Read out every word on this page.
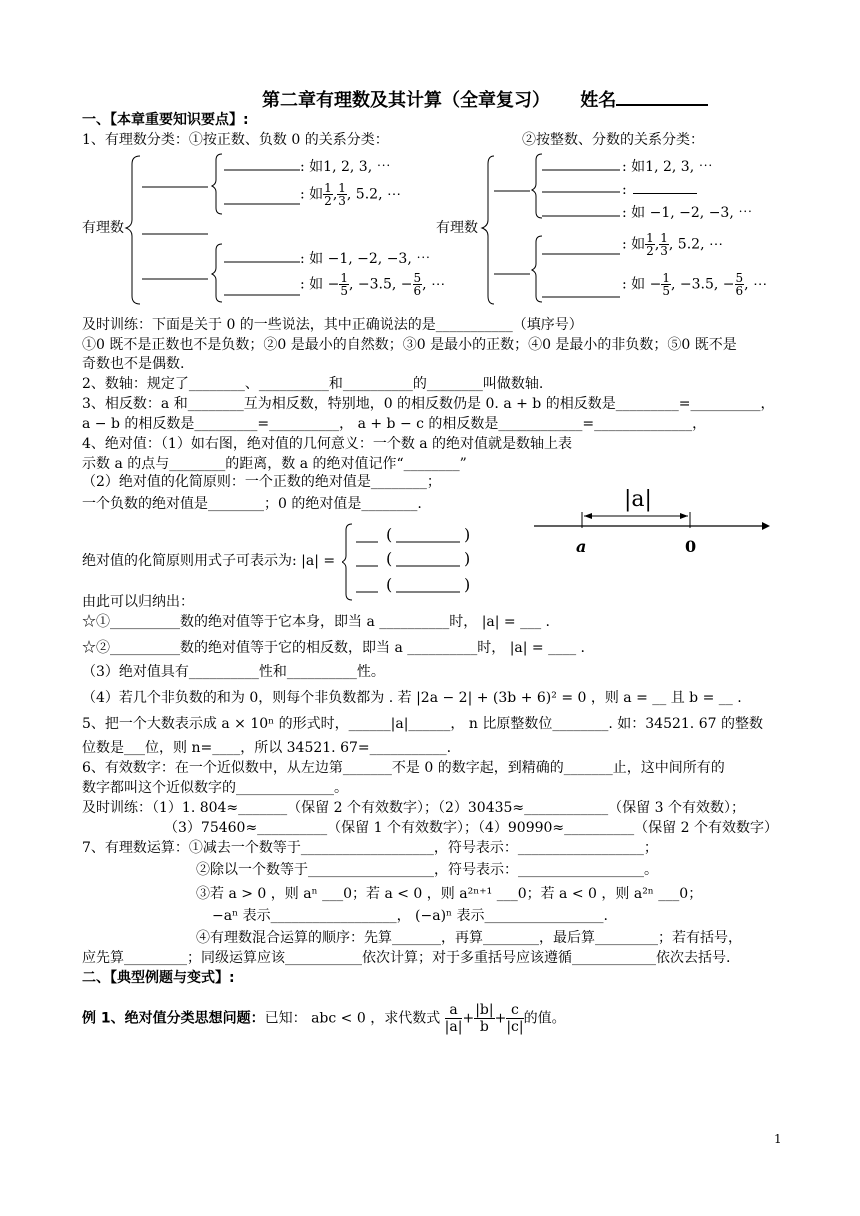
第二章有理数及其计算（全章复习） 姓名
一、【本章重要知识要点】:
1、有理数分类：①按正数、负数 0 的关系分类：	②按整数、分数的关系分类：
有理数
: 如1, 2, 3, ⋯
: 如 $\frac{1}{2}$ , $\frac{1}{3}$ , 5.2, ⋯
: 如 −1, −2, −3, ⋯
: 如 − $\frac{1}{5}$ , −3.5, − $\frac{5}{6}$ , ⋯
有理数
: 如1, 2, 3, ⋯
:
: 如 −1, −2, −3, ⋯
: 如 $\frac{1}{2}$ , $\frac{1}{3}$ , 5.2, ⋯
: 如 − $\frac{1}{5}$ , −3.5, − $\frac{5}{6}$ , ⋯
及时训练：下面是关于 0 的一些说法，其中正确说法的是___________（填序号）
①0 既不是正数也不是负数；②0 是最小的自然数；③0 是最小的正数；④0 是最小的非负数；⑤0 既不是
奇数也不是偶数.
2、数轴：规定了________、__________和__________的________叫做数轴.
3、相反数：a 和________互为相反数，特别地，0 的相反数仍是 0. a + b 的相反数是_________=__________，
a − b 的相反数是_________=__________， a + b − c 的相反数是____________=______________，
4、绝对值：（1）如右图，绝对值的几何意义：一个数 a 的绝对值就是数轴上表
示数 a 的点与________的距离，数 a 的绝对值记作“________”
（2）绝对值的化简原则：一个正数的绝对值是________；
一个负数的绝对值是________；0 的绝对值是________.	|a|
a	0
绝对值的化简原则用式子可表示为: |a| =
(	)
(	)
(	)
由此可以归纳出：
☆①__________数的绝对值等于它本身，即当 a __________时， |a| = ___ .
☆②__________数的绝对值等于它的相反数，即当 a __________时， |a| = ____ .
（3）绝对值具有__________性和__________性。
（4）若几个非负数的和为 0，则每个非负数都为 . 若 |2a − 2| + (3b + 6)² = 0 ，则 a = __ 且 b = __ .
5、把一个大数表示成 a × 10ⁿ 的形式时，______|a|______， n 比原整数位________. 如：34521. 67 的整数
位数是___位，则 n=____，所以 34521. 67=___________.
6、有效数字：在一个近似数中，从左边第_______不是 0 的数字起，到精确的_______止，这中间所有的
数字都叫这个近似数字的______________。
及时训练：（1）1. 804≈_______（保留 2 个有效数字）；（2）30435≈____________（保留 3 个有效数）；
（3）75460≈__________（保留 1 个有效数字）；（4）90990≈__________（保留 2 个有效数字）
7、有理数运算：①减去一个数等于___________________，符号表示：__________________；
②除以一个数等于__________________，符号表示：__________________。
③若 a > 0 ，则 aⁿ ___0；若 a < 0 ，则 a²ⁿ⁺¹ ___0；若 a < 0 ，则 a²ⁿ ___0；
−aⁿ 表示__________________， (−a)ⁿ 表示_________________.
④有理数混合运算的顺序：先算_______，再算________，最后算_________；若有括号，
应先算_________；同级运算应该___________依次计算；对于多重括号应该遵循____________依次去括号.
二、【典型例题与变式】:
例 1、绝对值分类思想问题：已知： abc < 0 ，求代数式 $\frac{a}{|a|} + \frac{|b|}{b} + \frac{c}{|c|}$ 的值。
1
